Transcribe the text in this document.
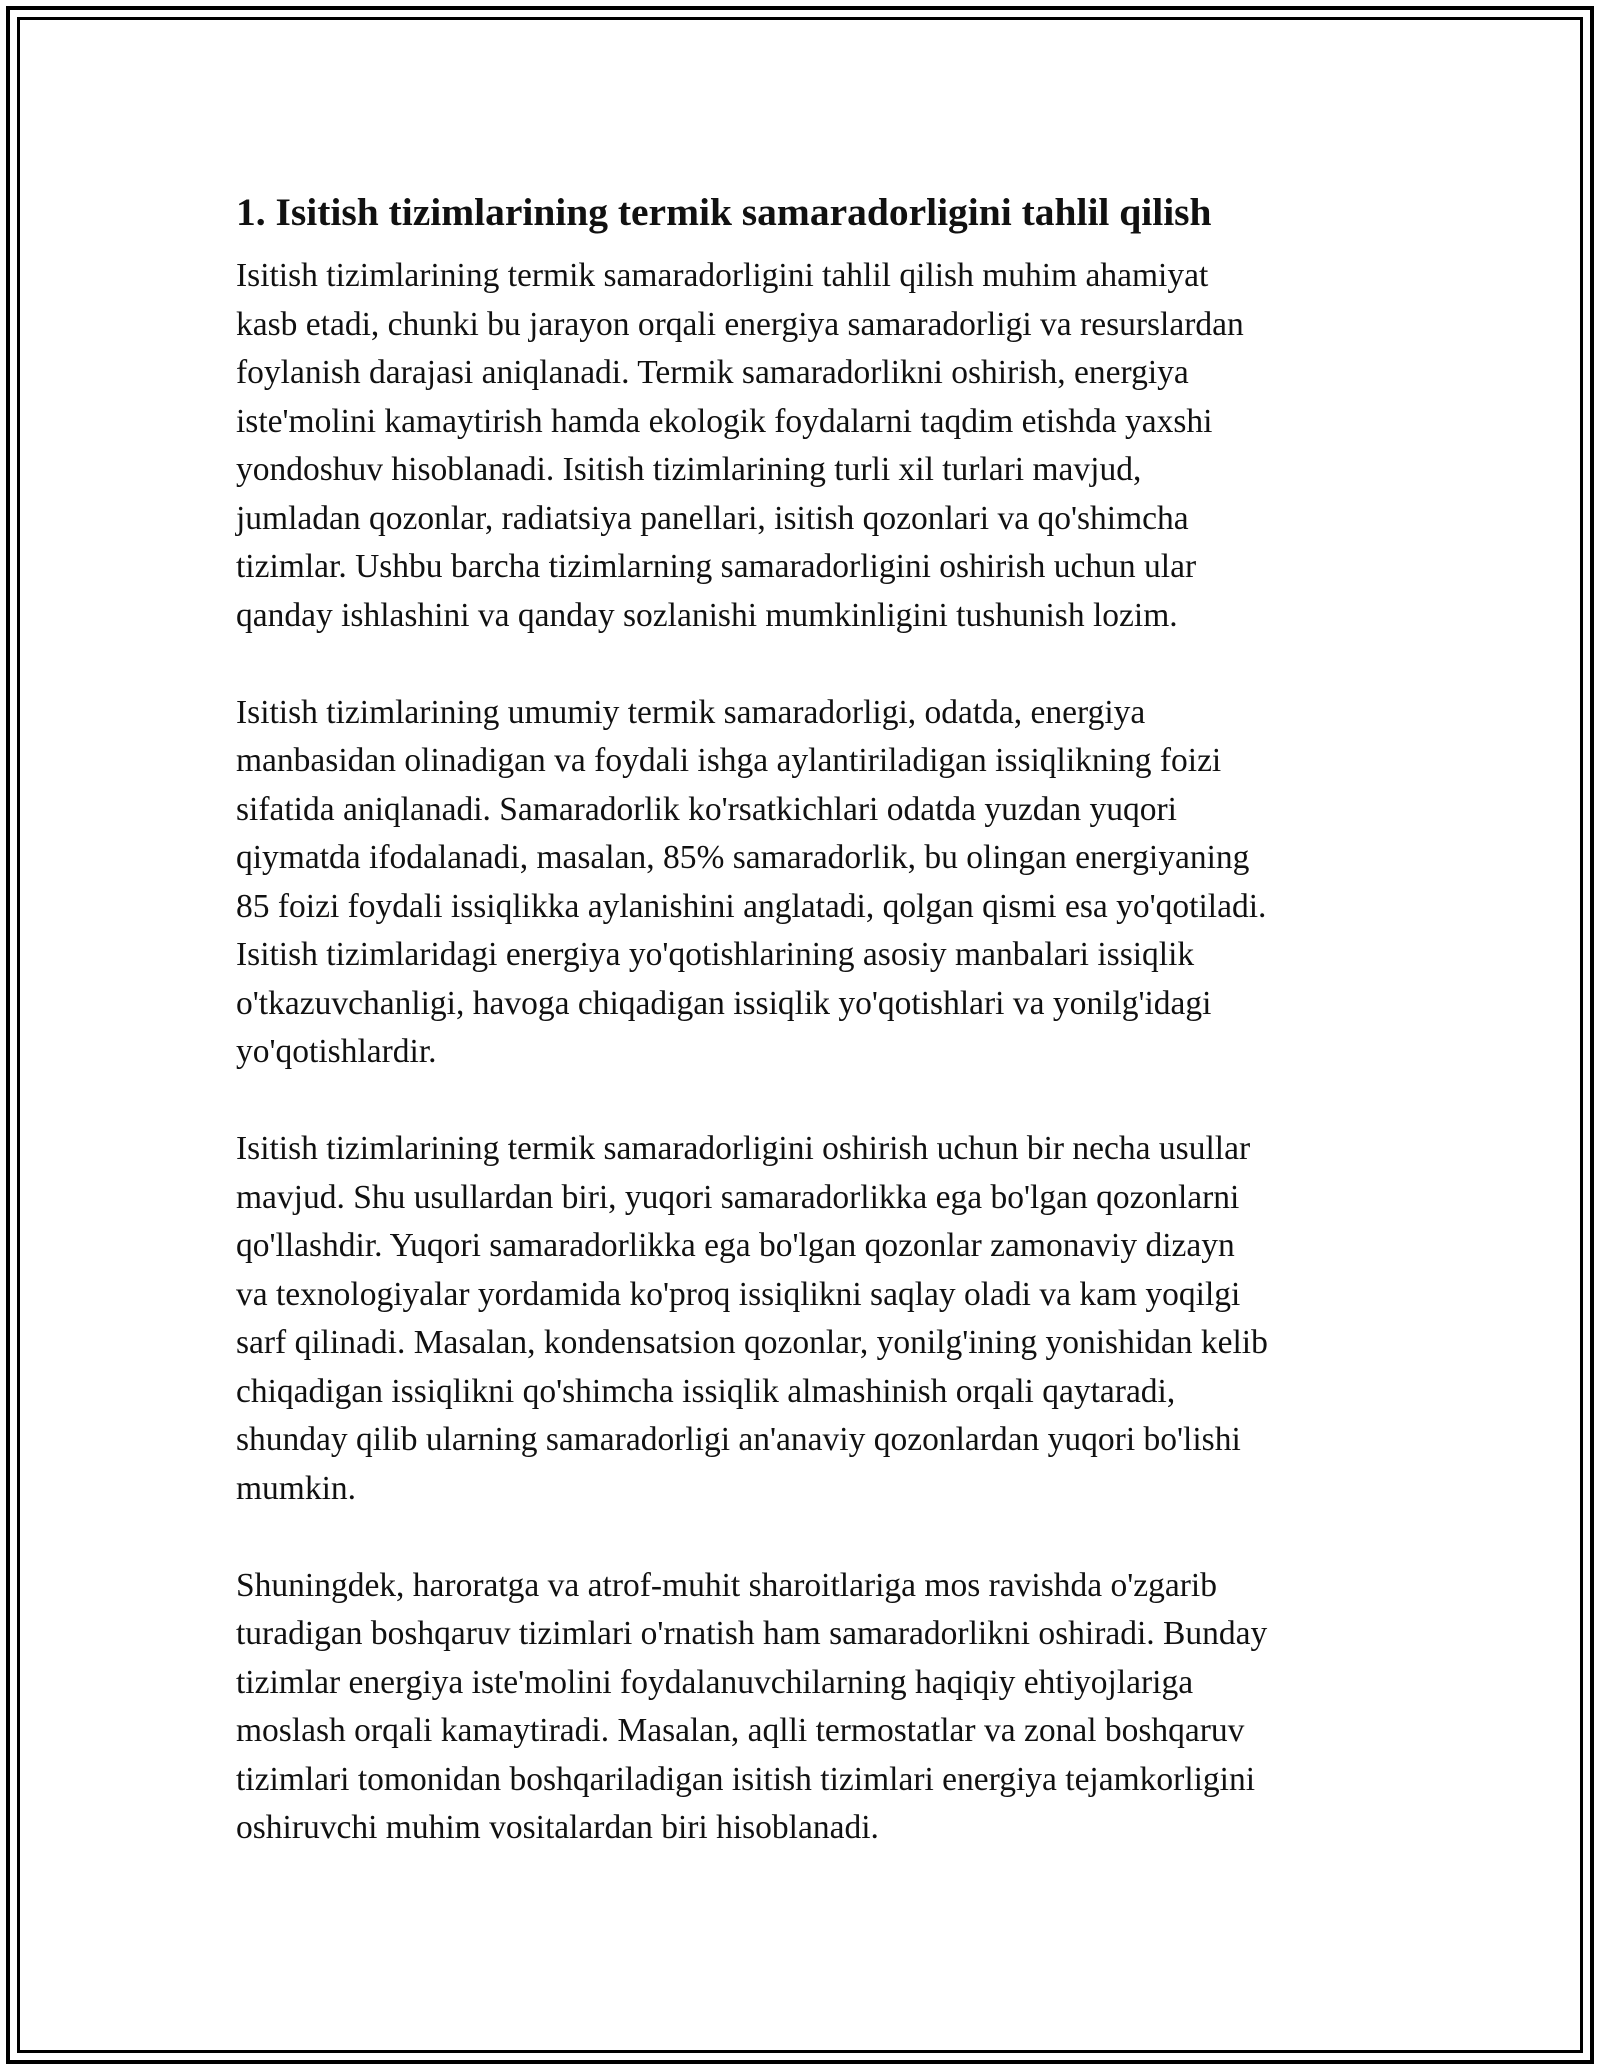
1. Isitish tizimlarining termik samaradorligini tahlil qilish

Isitish tizimlarining termik samaradorligini tahlil qilish muhim ahamiyat
kasb etadi, chunki bu jarayon orqali energiya samaradorligi va resurslardan
foylanish darajasi aniqlanadi. Termik samaradorlikni oshirish, energiya
iste'molini kamaytirish hamda ekologik foydalarni taqdim etishda yaxshi
yondoshuv hisoblanadi. Isitish tizimlarining turli xil turlari mavjud,
jumladan qozonlar, radiatsiya panellari, isitish qozonlari va qo'shimcha
tizimlar. Ushbu barcha tizimlarning samaradorligini oshirish uchun ular
qanday ishlashini va qanday sozlanishi mumkinligini tushunish lozim.

Isitish tizimlarining umumiy termik samaradorligi, odatda, energiya
manbasidan olinadigan va foydali ishga aylantiriladigan issiqlikning foizi
sifatida aniqlanadi. Samaradorlik ko'rsatkichlari odatda yuzdan yuqori
qiymatda ifodalanadi, masalan, 85% samaradorlik, bu olingan energiyaning
85 foizi foydali issiqlikka aylanishini anglatadi, qolgan qismi esa yo'qotiladi.
Isitish tizimlaridagi energiya yo'qotishlarining asosiy manbalari issiqlik
o'tkazuvchanligi, havoga chiqadigan issiqlik yo'qotishlari va yonilg'idagi
yo'qotishlardir.

Isitish tizimlarining termik samaradorligini oshirish uchun bir necha usullar
mavjud. Shu usullardan biri, yuqori samaradorlikka ega bo'lgan qozonlarni
qo'llashdir. Yuqori samaradorlikka ega bo'lgan qozonlar zamonaviy dizayn
va texnologiyalar yordamida ko'proq issiqlikni saqlay oladi va kam yoqilgi
sarf qilinadi. Masalan, kondensatsion qozonlar, yonilg'ining yonishidan kelib
chiqadigan issiqlikni qo'shimcha issiqlik almashinish orqali qaytaradi,
shunday qilib ularning samaradorligi an'anaviy qozonlardan yuqori bo'lishi
mumkin.

Shuningdek, haroratga va atrof-muhit sharoitlariga mos ravishda o'zgarib
turadigan boshqaruv tizimlari o'rnatish ham samaradorlikni oshiradi. Bunday
tizimlar energiya iste'molini foydalanuvchilarning haqiqiy ehtiyojlariga
moslash orqali kamaytiradi. Masalan, aqlli termostatlar va zonal boshqaruv
tizimlari tomonidan boshqariladigan isitish tizimlari energiya tejamkorligini
oshiruvchi muhim vositalardan biri hisoblanadi.
